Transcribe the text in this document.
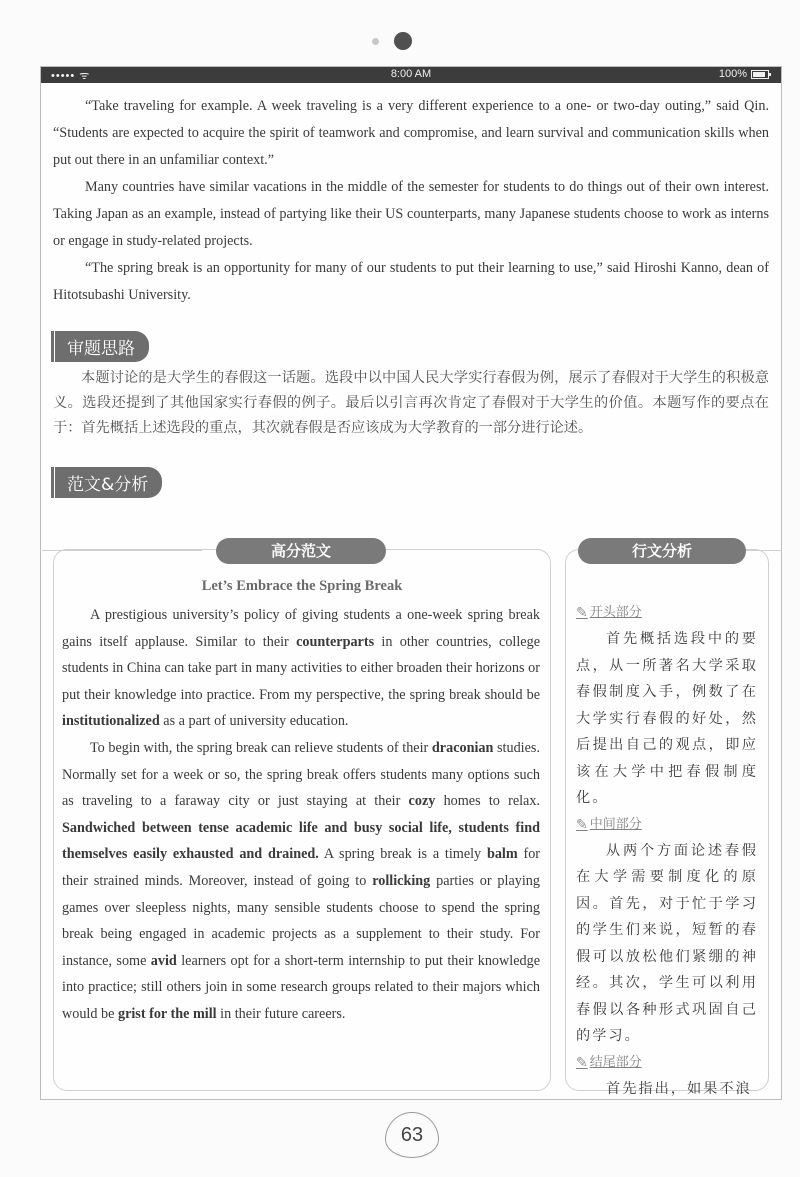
••••• ᯤ	8:00 AM	100%

“Take traveling for example. A week traveling is a very different experience to a one- or two-day outing,” said Qin. “Students are expected to acquire the spirit of teamwork and compromise, and learn survival and communication skills when put out there in an unfamiliar context.”

Many countries have similar vacations in the middle of the semester for students to do things out of their own interest. Taking Japan as an example, instead of partying like their US counterparts, many Japanese students choose to work as interns or engage in study-related projects.

“The spring break is an opportunity for many of our students to put their learning to use,” said Hiroshi Kanno, dean of Hitotsubashi University.

审题思路

本题讨论的是大学生的春假这一话题。选段中以中国人民大学实行春假为例，展示了春假对于大学生的积极意义。选段还提到了其他国家实行春假的例子。最后以引言再次肯定了春假对于大学生的价值。本题写作的要点在于：首先概括上述选段的重点，其次就春假是否应该成为大学教育的一部分进行论述。

范文&分析
高分范文
Let’s Embrace the Spring Break

A prestigious university’s policy of giving students a one-week spring break gains itself applause. Similar to their counterparts in other countries, college students in China can take part in many activities to either broaden their horizons or put their knowledge into practice. From my perspective, the spring break should be institutionalized as a part of university education.

To begin with, the spring break can relieve students of their draconian studies. Normally set for a week or so, the spring break offers students many options such as traveling to a faraway city or just staying at their cozy homes to relax. Sandwiched between tense academic life and busy social life, students find themselves easily exhausted and drained. A spring break is a timely balm for their strained minds. Moreover, instead of going to rollicking parties or playing games over sleepless nights, many sensible students choose to spend the spring break being engaged in academic projects as a supplement to their study. For instance, some avid learners opt for a short-term internship to put their knowledge into practice; still others join in some research groups related to their majors which would be grist for the mill in their future careers.

行文分析
✎ 开头部分

首先概括选段中的要点，从一所著名大学采取春假制度入手，例数了在大学实行春假的好处，然后提出自己的观点，即应该在大学中把春假制度化。

✎ 中间部分

从两个方面论述春假在大学需要制度化的原因。首先，对于忙于学习的学生们来说，短暂的春假可以放松他们紧绷的神经。其次，学生可以利用春假以各种形式巩固自己的学习。

✎ 结尾部分

首先指出，如果不浪

63
